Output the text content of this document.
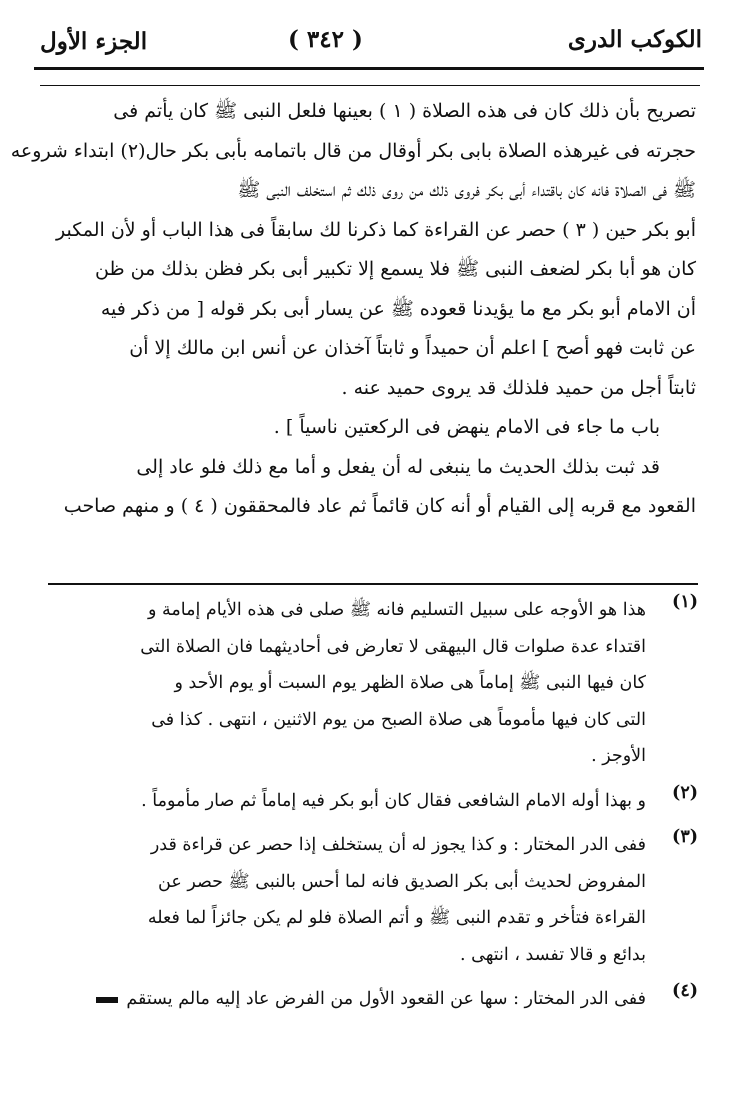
الكوكب الدرى
( ٣٤٢ )
الجزء الأول
تصريح بأن ذلك كان فى هذه الصلاة ( ١ ) بعينها فلعل النبى ﷺ كان يأتم فى
حجرته فى غيرهذه الصلاة بابى بكر أوقال من قال باتمامه بأبى بكر حال(٢) ابتداء شروعه
ﷺ فى الصلاة فانه كان باقتداء أبى بكر فروى ذلك من روى ذلك ثم استخلف النبى ﷺ
أبو بكر حين ( ٣ ) حصر عن القراءة كما ذكرنا لك سابقاً فى هذا الباب أو لأن المكبر
كان هو أبا بكر لضعف النبى ﷺ فلا يسمع إلا تكبير أبى بكر فظن بذلك من ظن
أن الامام أبو بكر مع ما يؤيدنا قعوده ﷺ عن يسار أبى بكر قوله [ من ذكر فيه
عن ثابت فهو أصح ] اعلم أن حميداً و ثابتاً آخذان عن أنس ابن مالك إلا أن
ثابتاً أجل من حميد فلذلك قد يروى حميد عنه .
باب ما جاء فى الامام ينهض فى الركعتين ناسياً ] .
قد ثبت بذلك الحديث ما ينبغى له أن يفعل و أما مع ذلك فلو عاد إلى
القعود مع قربه إلى القيام أو أنه كان قائماً ثم عاد فالمحققون ( ٤ ) و منهم صاحب
(١)
هذا هو الأوجه على سبيل التسليم فانه ﷺ صلى فى هذه الأيام إمامة و
اقتداء عدة صلوات قال البيهقى لا تعارض فى أحاديثهما فان الصلاة التى
كان فيها النبى ﷺ إماماً هى صلاة الظهر يوم السبت أو يوم الأحد و
التى كان فيها مأموماً هى صلاة الصبح من يوم الاثنين ، انتهى . كذا فى
الأوجز .
(٢)
و بهذا أوله الامام الشافعى فقال كان أبو بكر فيه إماماً ثم صار مأموماً .
(٣)
ففى الدر المختار : و كذا يجوز له أن يستخلف إذا حصر عن قراءة قدر
المفروض لحديث أبى بكر الصديق فانه لما أحس بالنبى ﷺ حصر عن
القراءة فتأخر و تقدم النبى ﷺ و أتم الصلاة فلو لم يكن جائزاً لما فعله
بدائع و قالا تفسد ، انتهى .
(٤)
ففى الدر المختار : سها عن القعود الأول من الفرض عاد إليه مالم يستقم
